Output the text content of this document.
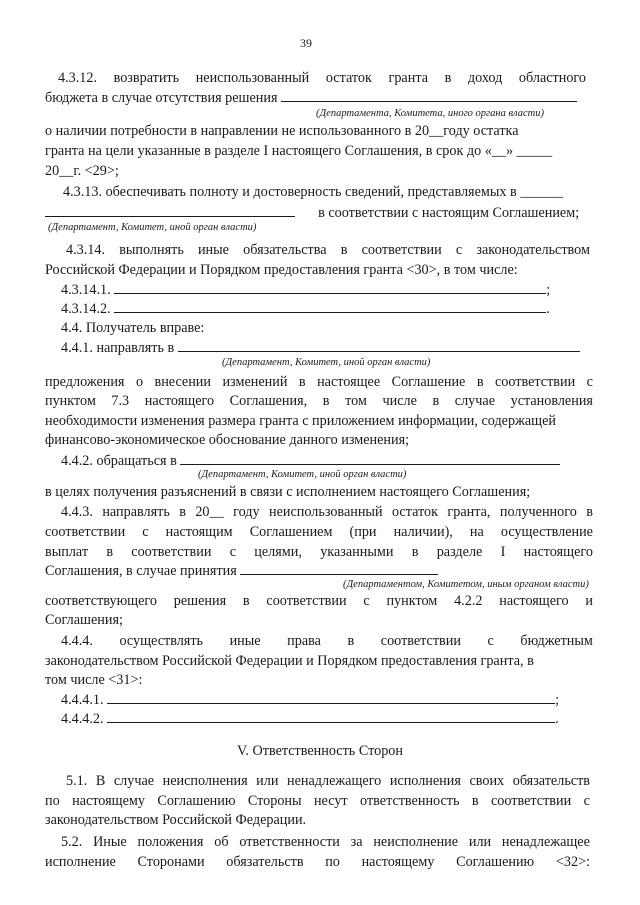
39
4.3.12. возвратить неиспользованный остаток гранта в доход областного
бюджета в случае отсутствия решения
(Департамента, Комитета, иного органа власти)
о наличии потребности в направлении не использованного в 20__году остатка
гранта на цели указанные в разделе I настоящего Соглашения, в срок до «__» _____
20__г. <29>;
4.3.13. обеспечивать полноту и достоверность сведений, представляемых в ______
в соответствии с настоящим Соглашением;
(Департамент, Комитет, иной орган власти)
4.3.14. выполнять иные обязательства в соответствии с законодательством
Российской Федерации и Порядком предоставления гранта <30>, в том числе:
4.3.14.1.	;
4.3.14.2.	.
4.4. Получатель вправе:
4.4.1. направлять в
(Департамент, Комитет, иной орган власти)
предложения о внесении изменений в настоящее Соглашение в соответствии с
пунктом 7.3 настоящего Соглашения, в том числе в случае установления
необходимости изменения размера гранта с приложением информации, содержащей
финансово-экономическое обоснование данного изменения;
4.4.2. обращаться в
(Департамент, Комитет, иной орган власти)
в целях получения разъяснений в связи с исполнением настоящего Соглашения;
4.4.3. направлять в 20__ году неиспользованный остаток гранта, полученного в
соответствии с настоящим Соглашением (при наличии), на осуществление
выплат в соответствии с целями, указанными в разделе I настоящего
Соглашения, в случае принятия
(Департаментом, Комитетом, иным органом власти)
соответствующего решения в соответствии с пунктом 4.2.2 настоящего и
Соглашения;
4.4.4. осуществлять иные права в соответствии с бюджетным
законодательством Российской Федерации и Порядком предоставления гранта, в
том числе <31>:
4.4.4.1.	;
4.4.4.2.	.
V. Ответственность Сторон
5.1. В случае неисполнения или ненадлежащего исполнения своих обязательств
по настоящему Соглашению Стороны несут ответственность в соответствии с
законодательством Российской Федерации.
5.2. Иные положения об ответственности за неисполнение или ненадлежащее
исполнение Сторонами обязательств по настоящему Соглашению <32>:
